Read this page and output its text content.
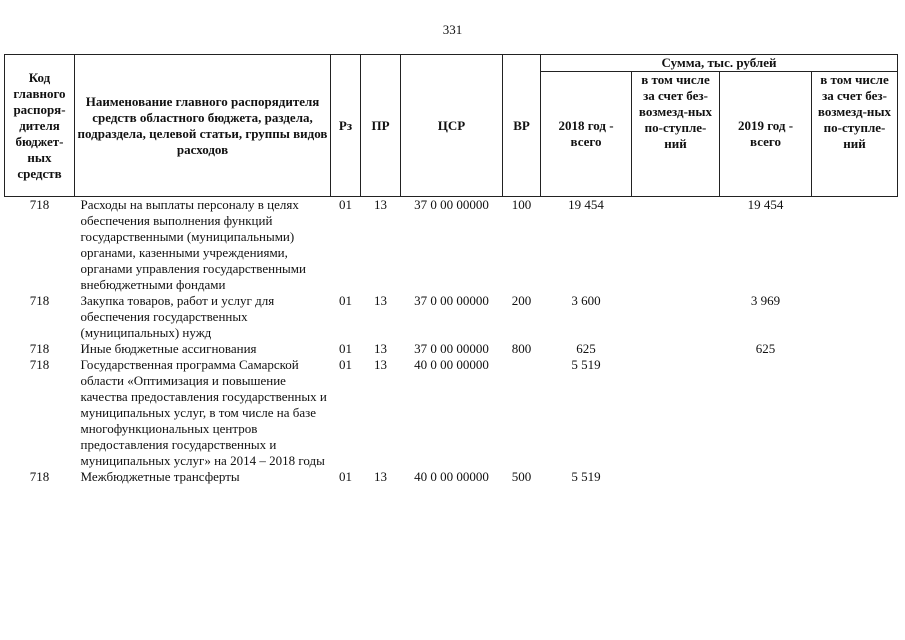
331
Код главного распоря-дителя бюджет-ных средств	Наименование главного распорядителя средств областного бюджета, раздела, подраздела, целевой статьи, группы видов расходов	Рз	ПР	ЦСР	ВР	Сумма, тыс. рублей			
						2018 год - всего	в том числе за счет без-возмезд-ных по-ступле-ний	2019 год - всего	в том числе за счет без-возмезд-ных по-ступле-ний
718	Расходы на выплаты персоналу в целях обеспечения выполнения функций государственными (муниципальными) органами, казенными учреждениями, органами управления государственными внебюджетными фондами	01	13	37 0 00 00000	100	19 454		19 454	
718	Закупка товаров, работ и услуг для обеспечения государственных (муниципальных) нужд	01	13	37 0 00 00000	200	3 600		3 969	
718	Иные бюджетные ассигнования	01	13	37 0 00 00000	800	625		625	
718	Государственная программа Самарской области «Оптимизация и повышение качества предоставления государственных и муниципальных услуг, в том числе на базе многофункциональных центров предоставления государственных и муниципальных услуг» на 2014 – 2018 годы	01	13	40 0 00 00000		5 519			
718	Межбюджетные трансферты	01	13	40 0 00 00000	500	5 519			
